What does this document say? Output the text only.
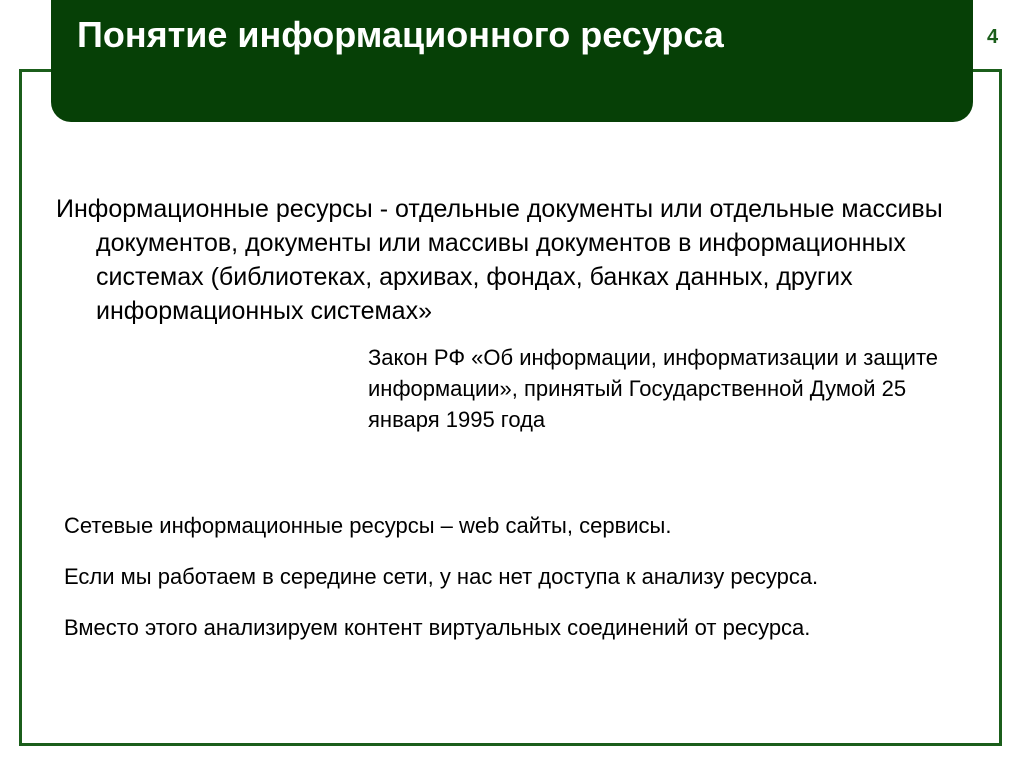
Понятие информационного ресурса	4

Информационные ресурсы - отдельные документы или отдельные массивы документов, документы или массивы документов в информационных системах (библиотеках, архивах, фондах, банках данных, других информационных системах»

Закон РФ «Об информации, информатизации и защите информации», принятый Государственной Думой 25 января 1995 года

Сетевые информационные ресурсы – web сайты, сервисы.

Если мы работаем в середине сети, у нас нет доступа к анализу ресурса.

Вместо этого анализируем контент виртуальных соединений от ресурса.
